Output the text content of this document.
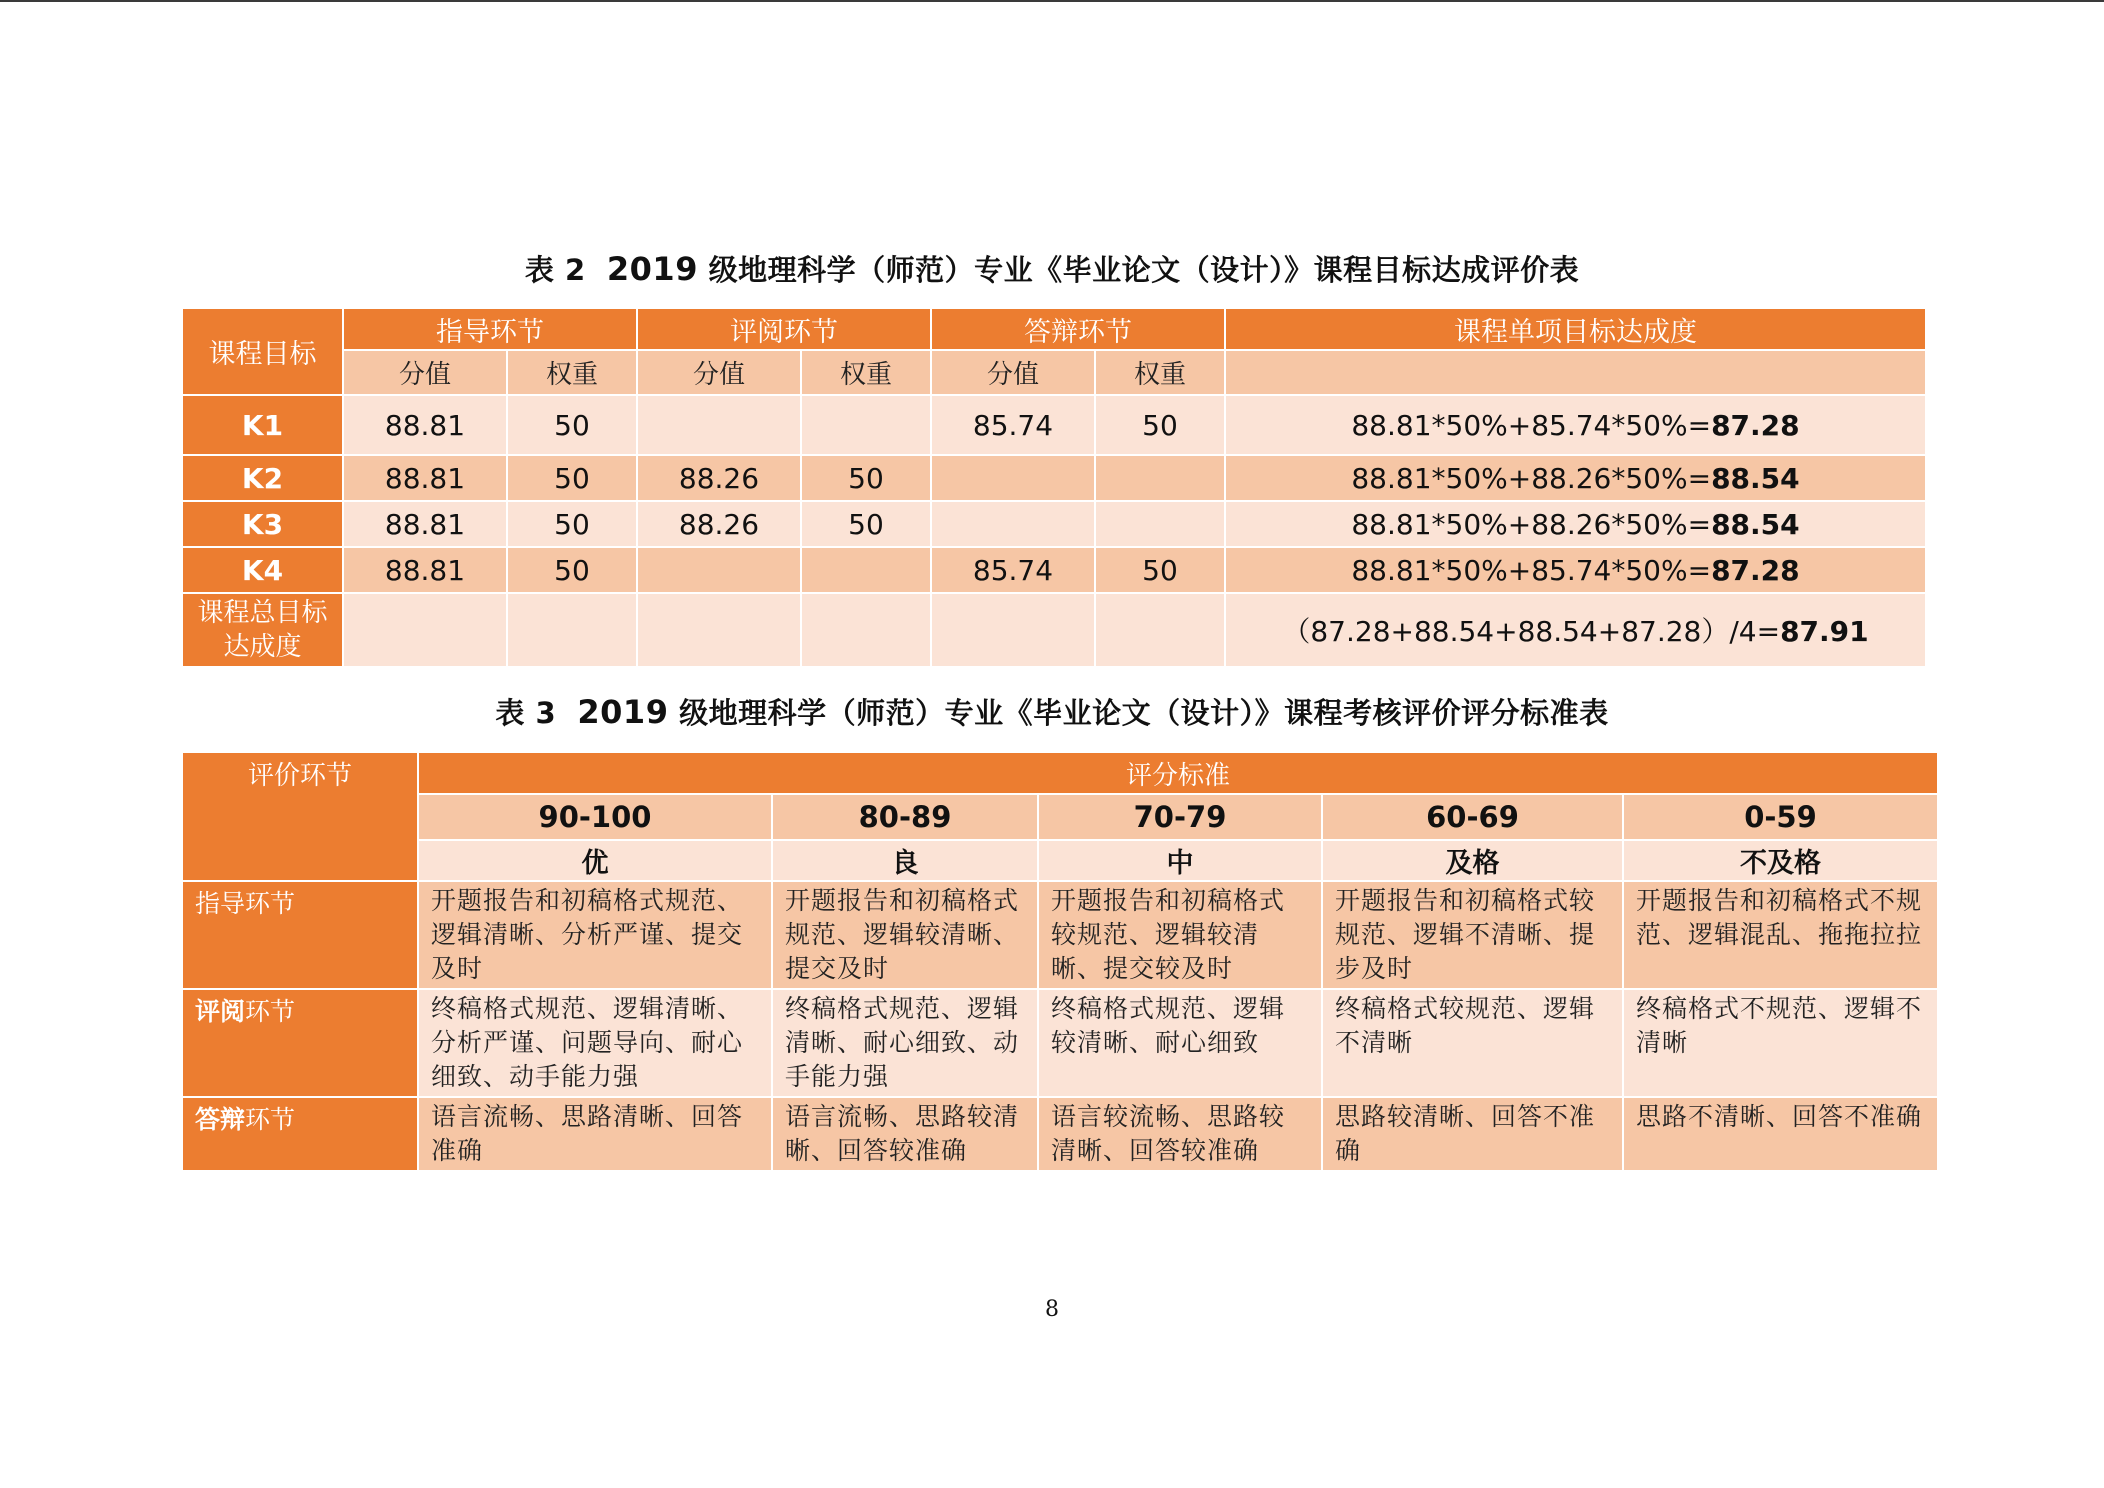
表 2 2019 级地理科学（师范）专业《毕业论文（设计）》课程目标达成评价表
课程目标	指导环节		评阅环节		答辩环节		课程单项目标达成度
	分值	权重	分值	权重	分值	权重	
K1	88.81	50			85.74	50	88.81*50%+85.74*50%=87.28
K2	88.81	50	88.26	50			88.81*50%+88.26*50%=88.54
K3	88.81	50	88.26	50			88.81*50%+88.26*50%=88.54
K4	88.81	50			85.74	50	88.81*50%+85.74*50%=87.28
课程总目标
达成度							（87.28+88.54+88.54+87.28）/4=87.91
表 3 2019 级地理科学（师范）专业《毕业论文（设计）》课程考核评价评分标准表
评价环节	评分标准				
	90-100	80-89	70-79	60-69	0-59
	优	良	中	及格	不及格
指导环节	开题报告和初稿格式规范、逻辑清晰、分析严谨、提交及时	开题报告和初稿格式规范、逻辑较清晰、提交及时	开题报告和初稿格式较规范、逻辑较清晰、提交较及时	开题报告和初稿格式较规范、逻辑不清晰、提步及时	开题报告和初稿格式不规范、逻辑混乱、拖拖拉拉
评阅环节	终稿格式规范、逻辑清晰、分析严谨、问题导向、耐心细致、动手能力强	终稿格式规范、逻辑清晰、耐心细致、动手能力强	终稿格式规范、逻辑较清晰、耐心细致	终稿格式较规范、逻辑不清晰	终稿格式不规范、逻辑不清晰
答辩环节	语言流畅、思路清晰、回答准确	语言流畅、思路较清晰、回答较准确	语言较流畅、思路较清晰、回答较准确	思路较清晰、回答不准确	思路不清晰、回答不准确
8
